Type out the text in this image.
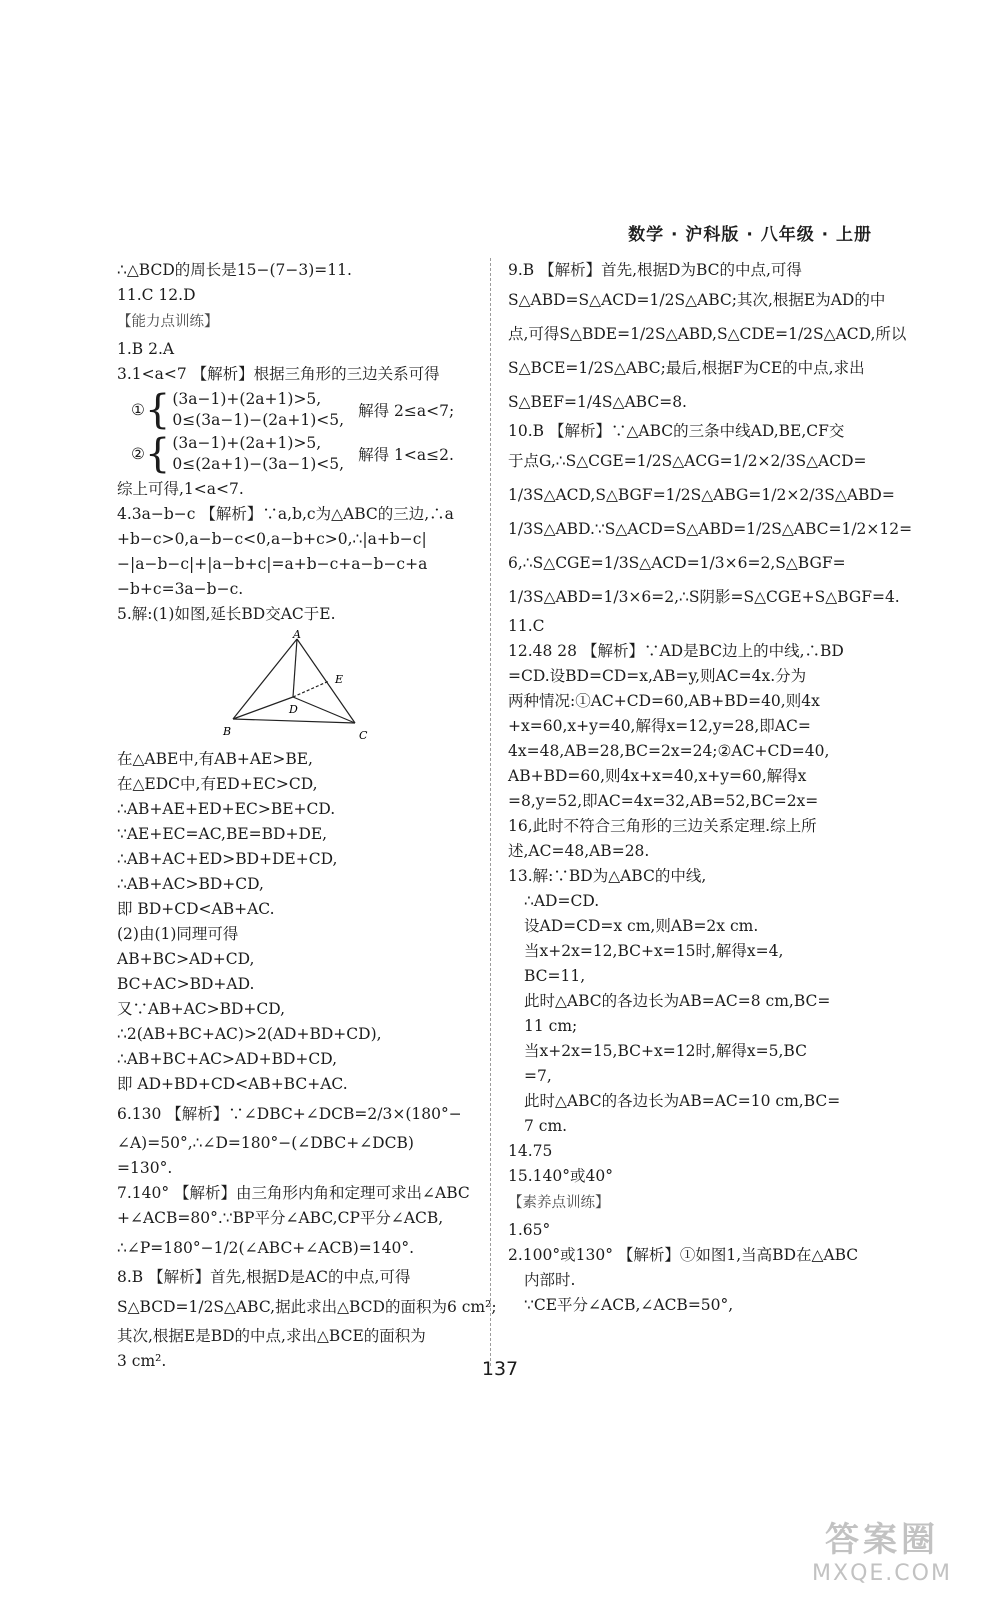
数学 · 沪科版 · 八年级 · 上册
∴△BCD的周长是15−(7−3)=11.
11.C 12.D
【能力点训练】
1.B 2.A
3.1<a<7 【解析】根据三角形的三边关系可得
① { (3a−1)+(2a+1)>5,
0≤(3a−1)−(2a+1)<5, 解得 2≤a<7;
② { (3a−1)+(2a+1)>5,
0≤(2a+1)−(3a−1)<5, 解得 1<a≤2.
综上可得,1<a<7.
4.3a−b−c 【解析】∵a,b,c为△ABC的三边,∴a
+b−c>0,a−b−c<0,a−b+c>0,∴|a+b−c|
−|a−b−c|+|a−b+c|=a+b−c+a−b−c+a
−b+c=3a−b−c.
5.解:(1)如图,延长BD交AC于E.
A
B	C
D
E
在△ABE中,有AB+AE>BE,
在△EDC中,有ED+EC>CD,
∴AB+AE+ED+EC>BE+CD.
∵AE+EC=AC,BE=BD+DE,
∴AB+AC+ED>BD+DE+CD,
∴AB+AC>BD+CD,
即 BD+CD<AB+AC.
(2)由(1)同理可得
AB+BC>AD+CD,
BC+AC>BD+AD.
又∵AB+AC>BD+CD,
∴2(AB+BC+AC)>2(AD+BD+CD),
∴AB+BC+AC>AD+BD+CD,
即 AD+BD+CD<AB+BC+AC.
6.130 【解析】∵∠DBC+∠DCB=2/3×(180°−
∠A)=50°,∴∠D=180°−(∠DBC+∠DCB)
=130°.
7.140° 【解析】由三角形内角和定理可求出∠ABC
+∠ACB=80°.∵BP平分∠ABC,CP平分∠ACB,
∴∠P=180°−1/2(∠ABC+∠ACB)=140°.
8.B 【解析】首先,根据D是AC的中点,可得
S△BCD=1/2S△ABC,据此求出△BCD的面积为6 cm²;
其次,根据E是BD的中点,求出△BCE的面积为
3 cm².
9.B 【解析】首先,根据D为BC的中点,可得
S△ABD=S△ACD=1/2S△ABC;其次,根据E为AD的中
点,可得S△BDE=1/2S△ABD,S△CDE=1/2S△ACD,所以
S△BCE=1/2S△ABC;最后,根据F为CE的中点,求出
S△BEF=1/4S△ABC=8.
10.B 【解析】∵△ABC的三条中线AD,BE,CF交
于点G,∴S△CGE=1/2S△ACG=1/2×2/3S△ACD=
1/3S△ACD,S△BGF=1/2S△ABG=1/2×2/3S△ABD=
1/3S△ABD.∵S△ACD=S△ABD=1/2S△ABC=1/2×12=
6,∴S△CGE=1/3S△ACD=1/3×6=2,S△BGF=
1/3S△ABD=1/3×6=2,∴S阴影=S△CGE+S△BGF=4.
11.C
12.48 28 【解析】∵AD是BC边上的中线,∴BD
=CD.设BD=CD=x,AB=y,则AC=4x.分为
两种情况:①AC+CD=60,AB+BD=40,则4x
+x=60,x+y=40,解得x=12,y=28,即AC=
4x=48,AB=28,BC=2x=24;②AC+CD=40,
AB+BD=60,则4x+x=40,x+y=60,解得x
=8,y=52,即AC=4x=32,AB=52,BC=2x=
16,此时不符合三角形的三边关系定理.综上所
述,AC=48,AB=28.
13.解:∵BD为△ABC的中线,
∴AD=CD.
设AD=CD=x cm,则AB=2x cm.
当x+2x=12,BC+x=15时,解得x=4,
BC=11,
此时△ABC的各边长为AB=AC=8 cm,BC=
11 cm;
当x+2x=15,BC+x=12时,解得x=5,BC
=7,
此时△ABC的各边长为AB=AC=10 cm,BC=
7 cm.
14.75
15.140°或40°
【素养点训练】
1.65°
2.100°或130° 【解析】①如图1,当高BD在△ABC
内部时.
∵CE平分∠ACB,∠ACB=50°,
137
答案圈
MXQE.COM
